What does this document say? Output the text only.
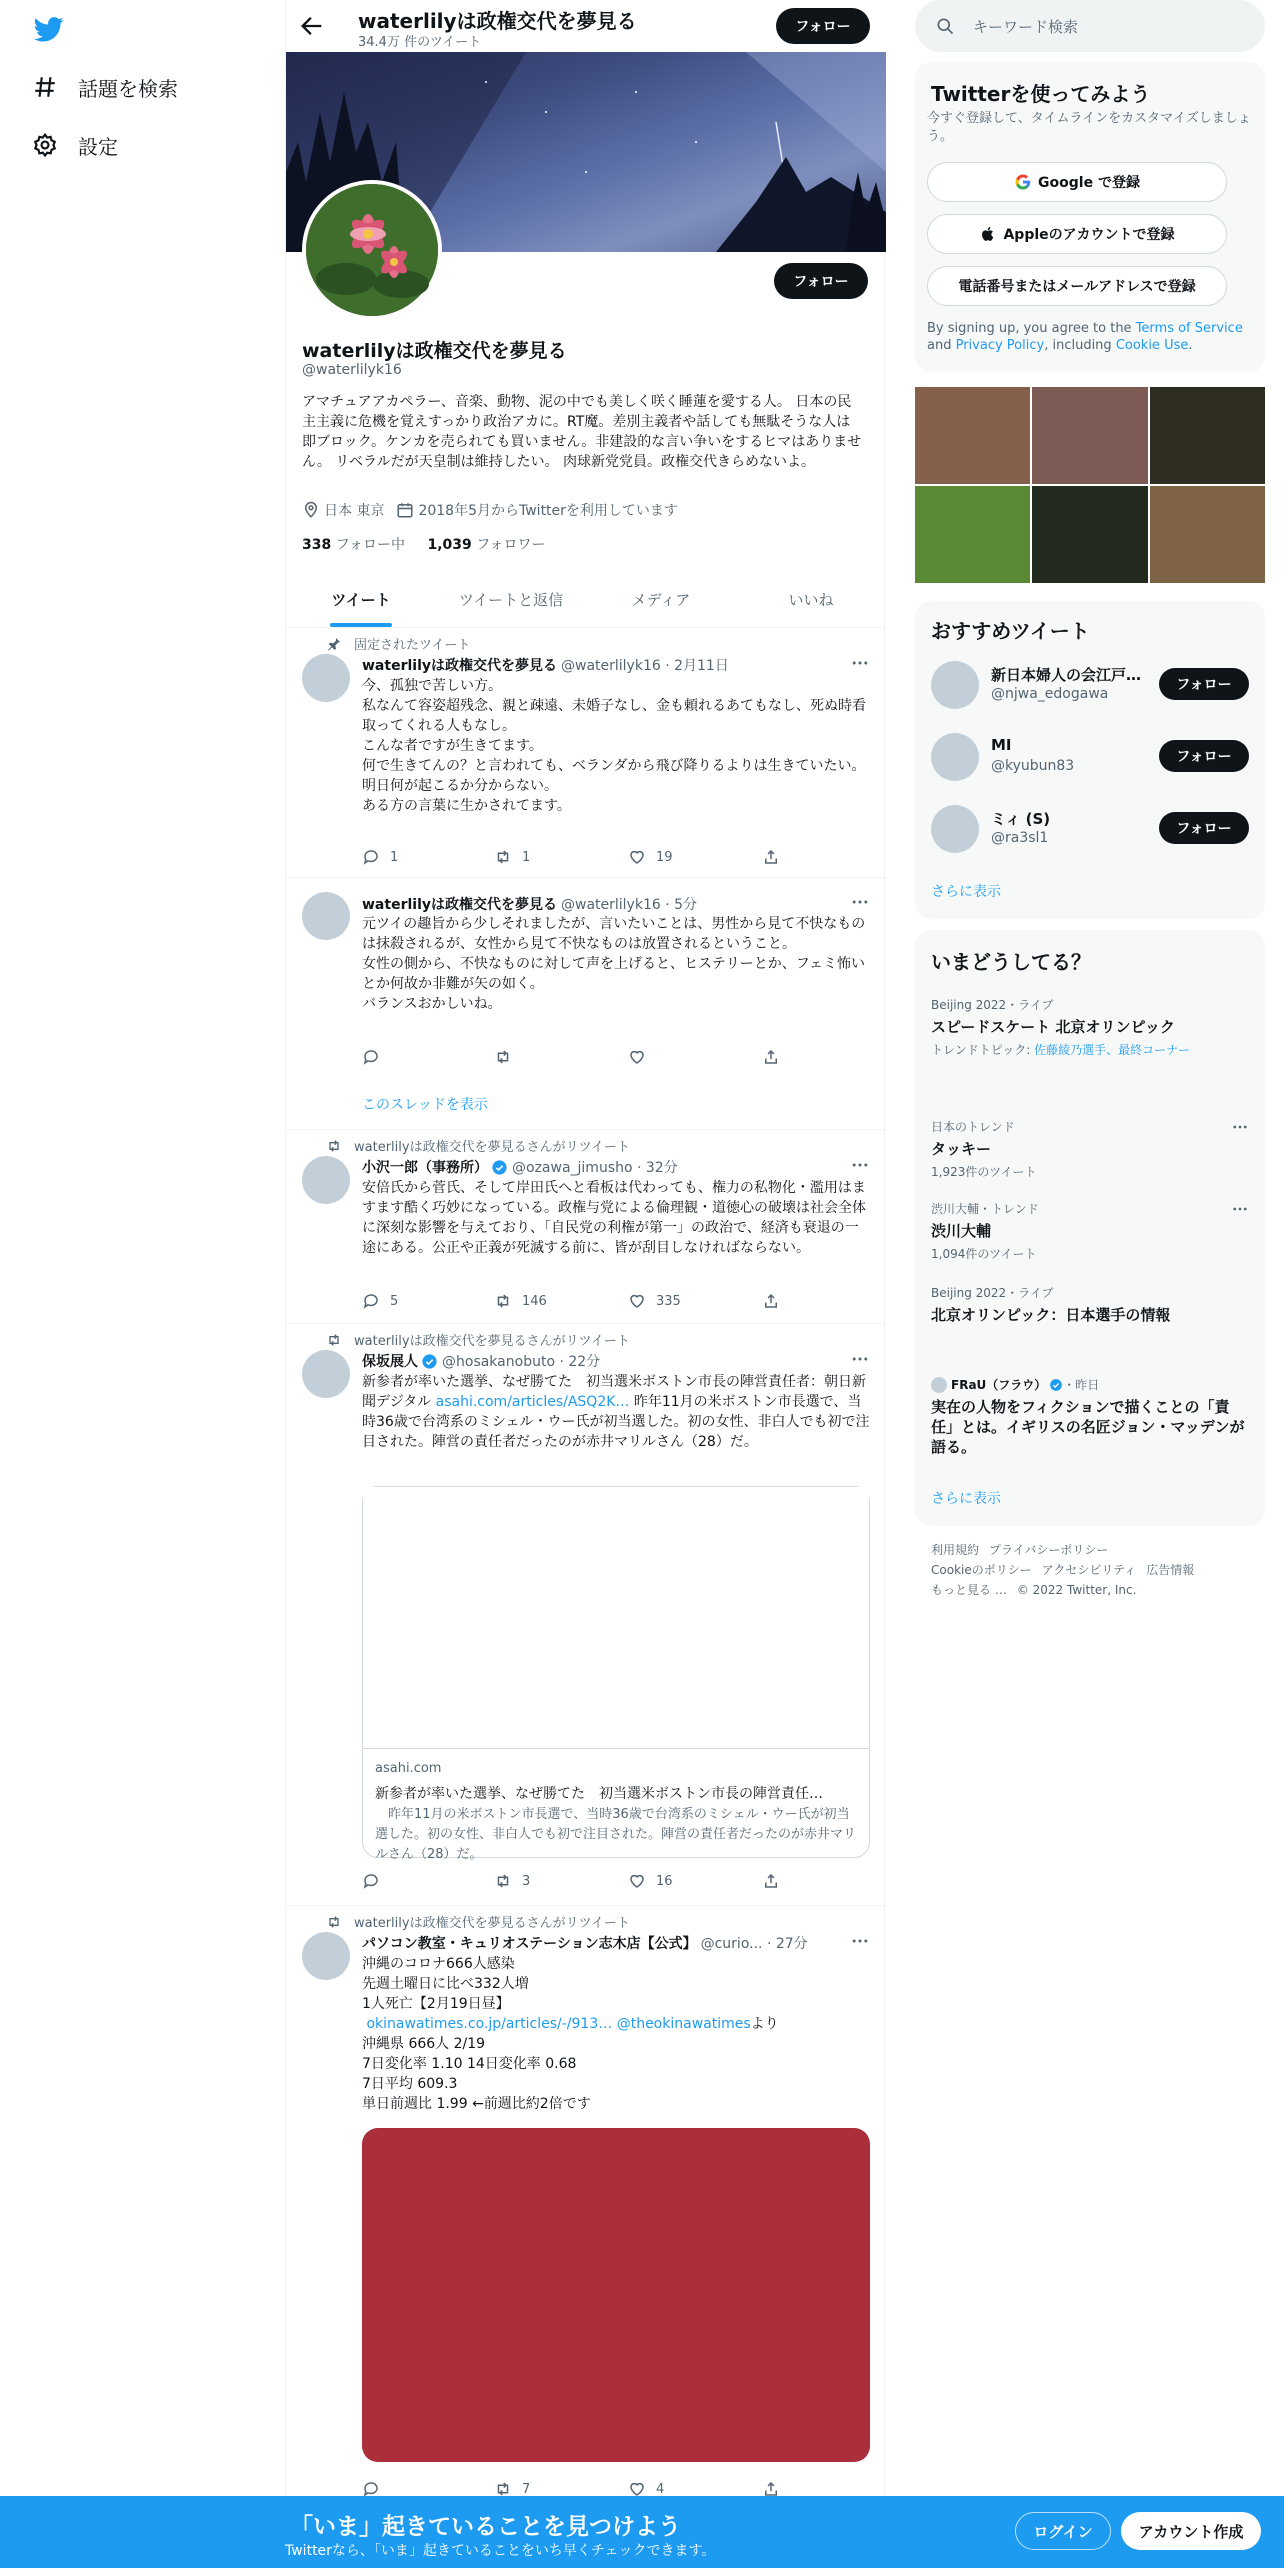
話題を検索
設定
waterlilyは政権交代を夢見る
34.4万 件のツイート
フォロー
フォロー
waterlilyは政権交代を夢見る
@waterlilyk16
アマチュアアカペラー、音楽、動物、泥の中でも美しく咲く睡蓮を愛する人。 日本の民主主義に危機を覚えすっかり政治アカに。RT魔。差別主義者や話しても無駄そうな人は即ブロック。ケンカを売られても買いません。非建設的な言い争いをするヒマはありません。 リベラルだが天皇制は維持したい。 肉球新党党員。政権交代きらめないよ。
日本 東京 2018年5月からTwitterを利用しています
338 フォロー中 1,039 フォロワー
ツイート	ツイートと返信	メディア	いいね
固定されたツイート
waterlilyは政権交代を夢見る @waterlilyk16 · 2月11日
今、孤独で苦しい方。
私なんて容姿超残念、親と疎遠、未婚子なし、金も頼れるあてもなし、死ぬ時看取ってくれる人もなし。
こんな者ですが生きてます。
何で生きてんの？と言われても、ベランダから飛び降りるよりは生きていたい。
明日何が起こるか分からない。
ある方の言葉に生かされてます。
1	1	19
waterlilyは政権交代を夢見る @waterlilyk16 · 5分
元ツイの趣旨から少しそれましたが、言いたいことは、男性から見て不快なものは抹殺されるが、女性から見て不快なものは放置されるということ。
女性の側から、不快なものに対して声を上げると、ヒステリーとか、フェミ怖いとか何故か非難が矢の如く。
バランスおかしいね。
このスレッドを表示
waterlilyは政権交代を夢見るさんがリツイート
小沢一郎（事務所） @ozawa_jimusho · 32分
安倍氏から菅氏、そして岸田氏へと看板は代わっても、権力の私物化・濫用はますます酷く巧妙になっている。政権与党による倫理観・道徳心の破壊は社会全体に深刻な影響を与えており、「自民党の利権が第一」の政治で、経済も衰退の一途にある。公正や正義が死滅する前に、皆が刮目しなければならない。
5	146	335
waterlilyは政権交代を夢見るさんがリツイート
保坂展人 @hosakanobuto · 22分
新参者が率いた選挙、なぜ勝てた　初当選米ボストン市長の陣営責任者：朝日新聞デジタル asahi.com/articles/ASQ2K… 昨年11月の米ボストン市長選で、当時36歳で台湾系のミシェル・ウー氏が初当選した。初の女性、非白人でも初で注目された。陣営の責任者だったのが赤井マリルさん（28）だ。
asahi.com
新参者が率いた選挙、なぜ勝てた　初当選米ボストン市長の陣営責任…
　昨年11月の米ボストン市長選で、当時36歳で台湾系のミシェル・ウー氏が初当選した。初の女性、非白人でも初で注目された。陣営の責任者だったのが赤井マリルさん（28）だ。
3	16
waterlilyは政権交代を夢見るさんがリツイート
パソコン教室・キュリオステーション志木店【公式】 @curio... · 27分
沖縄のコロナ666人感染
先週土曜日に比べ332人増
1人死亡【2月19日昼】
okinawatimes.co.jp/articles/-/913… @theokinawatimesより
沖縄県 666人 2/19
7日変化率 1.10 14日変化率 0.68
7日平均 609.3
単日前週比 1.99 ←前週比約2倍です
7	4
キーワード検索
Twitterを使ってみよう
今すぐ登録して、タイムラインをカスタマイズしましょう。
Google で登録
Appleのアカウントで登録
電話番号またはメールアドレスで登録
By signing up, you agree to the Terms of Service and Privacy Policy, including Cookie Use.
おすすめツイート
新日本婦人の会江戸…
@njwa_edogawa
フォロー
MI
@kyubun83
フォロー
ミィ (S)
@ra3sl1
フォロー
さらに表示
いまどうしてる？
Beijing 2022・ライブ
スピードスケート 北京オリンピック
トレンドトピック: 佐藤綾乃選手、最終コーナー
日本のトレンド
タッキー
1,923件のツイート
渋川大輔・トレンド
渋川大輔
1,094件のツイート
Beijing 2022・ライブ
北京オリンピック：日本選手の情報
FRaU（フラウ） ・昨日
実在の人物をフィクションで描くことの「責任」とは。イギリスの名匠ジョン・マッデンが語る。
さらに表示
利用規約 プライバシーポリシー
Cookieのポリシー アクセシビリティ 広告情報
もっと見る … © 2022 Twitter, Inc.
「いま」起きていることを見つけよう
Twitterなら、「いま」起きていることをいち早くチェックできます。
ログイン	アカウント作成
